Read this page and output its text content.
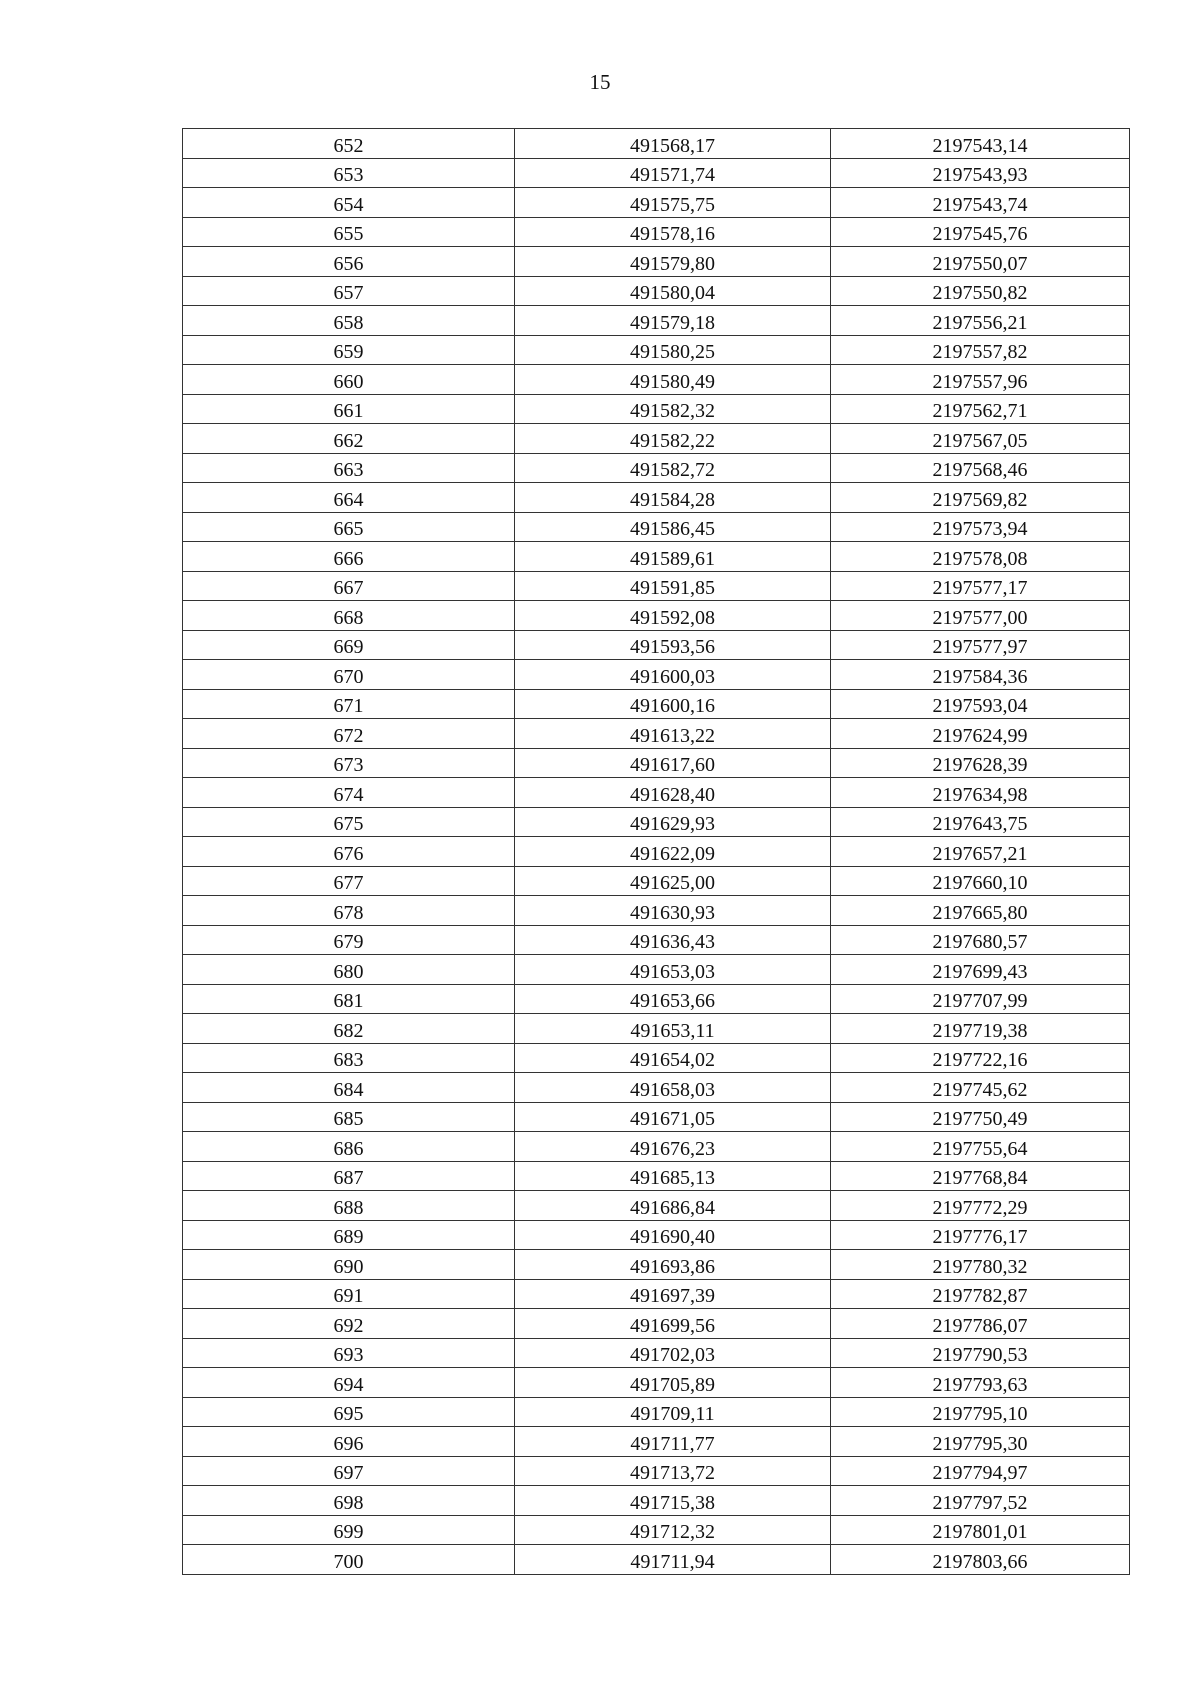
15
652	491568,17	2197543,14
653	491571,74	2197543,93
654	491575,75	2197543,74
655	491578,16	2197545,76
656	491579,80	2197550,07
657	491580,04	2197550,82
658	491579,18	2197556,21
659	491580,25	2197557,82
660	491580,49	2197557,96
661	491582,32	2197562,71
662	491582,22	2197567,05
663	491582,72	2197568,46
664	491584,28	2197569,82
665	491586,45	2197573,94
666	491589,61	2197578,08
667	491591,85	2197577,17
668	491592,08	2197577,00
669	491593,56	2197577,97
670	491600,03	2197584,36
671	491600,16	2197593,04
672	491613,22	2197624,99
673	491617,60	2197628,39
674	491628,40	2197634,98
675	491629,93	2197643,75
676	491622,09	2197657,21
677	491625,00	2197660,10
678	491630,93	2197665,80
679	491636,43	2197680,57
680	491653,03	2197699,43
681	491653,66	2197707,99
682	491653,11	2197719,38
683	491654,02	2197722,16
684	491658,03	2197745,62
685	491671,05	2197750,49
686	491676,23	2197755,64
687	491685,13	2197768,84
688	491686,84	2197772,29
689	491690,40	2197776,17
690	491693,86	2197780,32
691	491697,39	2197782,87
692	491699,56	2197786,07
693	491702,03	2197790,53
694	491705,89	2197793,63
695	491709,11	2197795,10
696	491711,77	2197795,30
697	491713,72	2197794,97
698	491715,38	2197797,52
699	491712,32	2197801,01
700	491711,94	2197803,66
